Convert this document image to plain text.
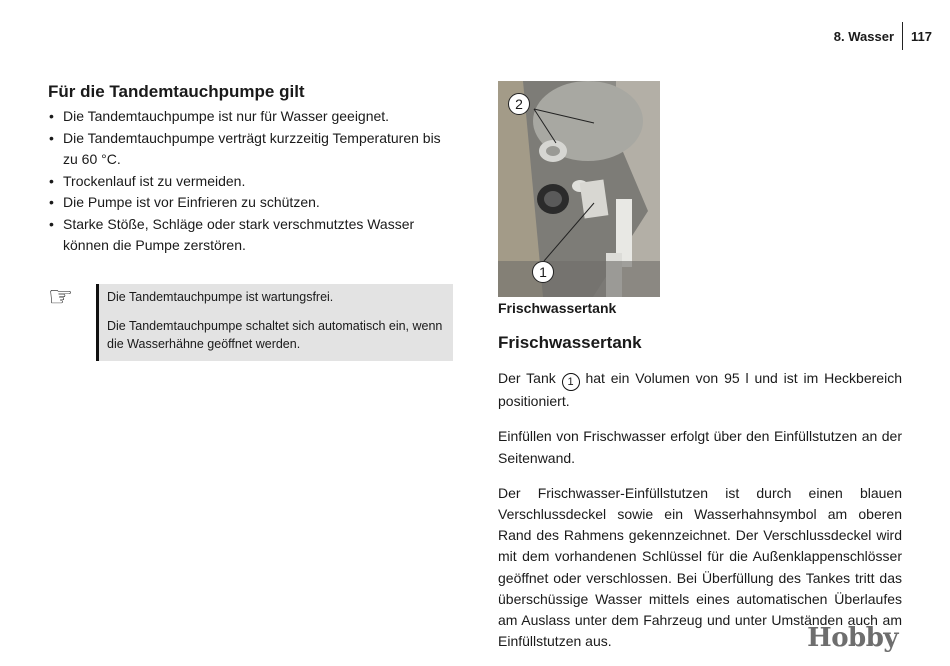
8. Wasser	117
Für die Tandemtauchpumpe gilt
• Die Tandemtauchpumpe ist nur für Wasser geeignet.
• Die Tandemtauchpumpe verträgt kurzzeitig Temperaturen bis zu 60 °C.
• Trockenlauf ist zu vermeiden.
• Die Pumpe ist vor Einfrieren zu schützen.
• Starke Stöße, Schläge oder stark verschmutztes Wasser können die Pumpe zerstören.
☞	Die Tandemtauchpumpe ist wartungsfrei.

Die Tandemtauchpumpe schaltet sich automatisch ein, wenn die Wasserhähne geöffnet werden.

2
1

Frischwassertank

Frischwassertank

Der Tank 1 hat ein Volumen von 95 l und ist im Heckbereich positioniert.

Einfüllen von Frischwasser erfolgt über den Einfüllstutzen an der Seitenwand.

Der Frischwasser-Einfüllstutzen ist durch einen blauen Verschlussdeckel sowie ein Wasserhahnsymbol am oberen Rand des Rahmens gekennzeichnet. Der Verschlussdeckel wird mit dem vorhandenen Schlüssel für die Außenklappenschlösser geöffnet oder verschlossen. Bei Überfüllung des Tankes tritt das überschüssige Wasser mittels eines automatischen Überlaufes am Auslass unter dem Fahrzeug und unter Umständen auch am Einfüllstutzen aus.	Hobby
